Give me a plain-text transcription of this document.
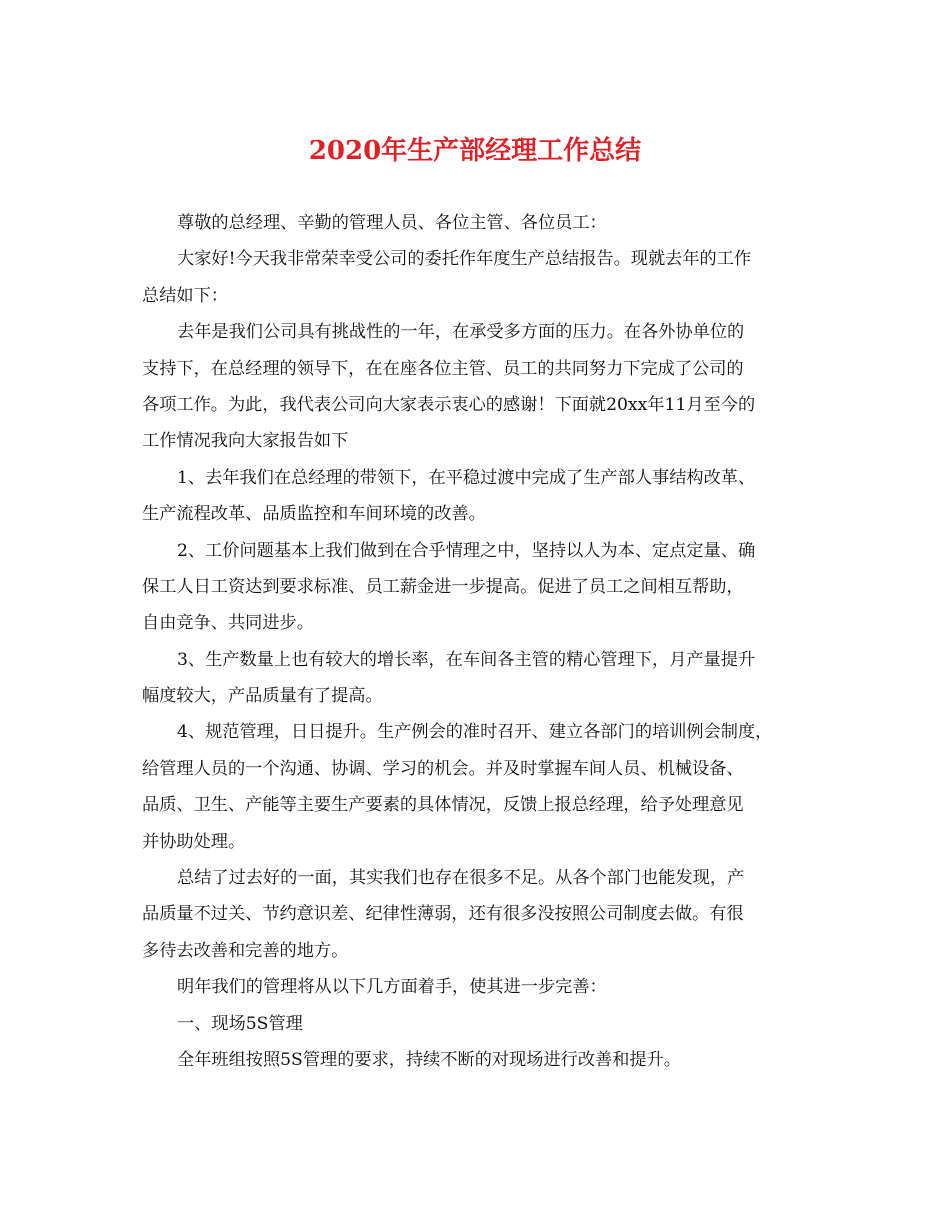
2020年生产部经理工作总结
尊敬的总经理、辛勤的管理人员、各位主管、各位员工：
大家好!今天我非常荣幸受公司的委托作年度生产总结报告。现就去年的工作
总结如下：
去年是我们公司具有挑战性的一年，在承受多方面的压力。在各外协单位的
支持下，在总经理的领导下，在在座各位主管、员工的共同努力下完成了公司的
各项工作。为此，我代表公司向大家表示衷心的感谢！下面就20xx年11月至今的
工作情况我向大家报告如下
1、去年我们在总经理的带领下，在平稳过渡中完成了生产部人事结构改革、
生产流程改革、品质监控和车间环境的改善。
2、工价问题基本上我们做到在合乎情理之中，坚持以人为本、定点定量、确
保工人日工资达到要求标准、员工薪金进一步提高。促进了员工之间相互帮助，
自由竞争、共同进步。
3、生产数量上也有较大的增长率，在车间各主管的精心管理下，月产量提升
幅度较大，产品质量有了提高。
4、规范管理，日日提升。生产例会的准时召开、建立各部门的培训例会制度，
给管理人员的一个沟通、协调、学习的机会。并及时掌握车间人员、机械设备、
品质、卫生、产能等主要生产要素的具体情况，反馈上报总经理，给予处理意见
并协助处理。
总结了过去好的一面，其实我们也存在很多不足。从各个部门也能发现，产
品质量不过关、节约意识差、纪律性薄弱，还有很多没按照公司制度去做。有很
多待去改善和完善的地方。
明年我们的管理将从以下几方面着手，使其进一步完善：
一、现场5S管理
全年班组按照5S管理的要求，持续不断的对现场进行改善和提升。
